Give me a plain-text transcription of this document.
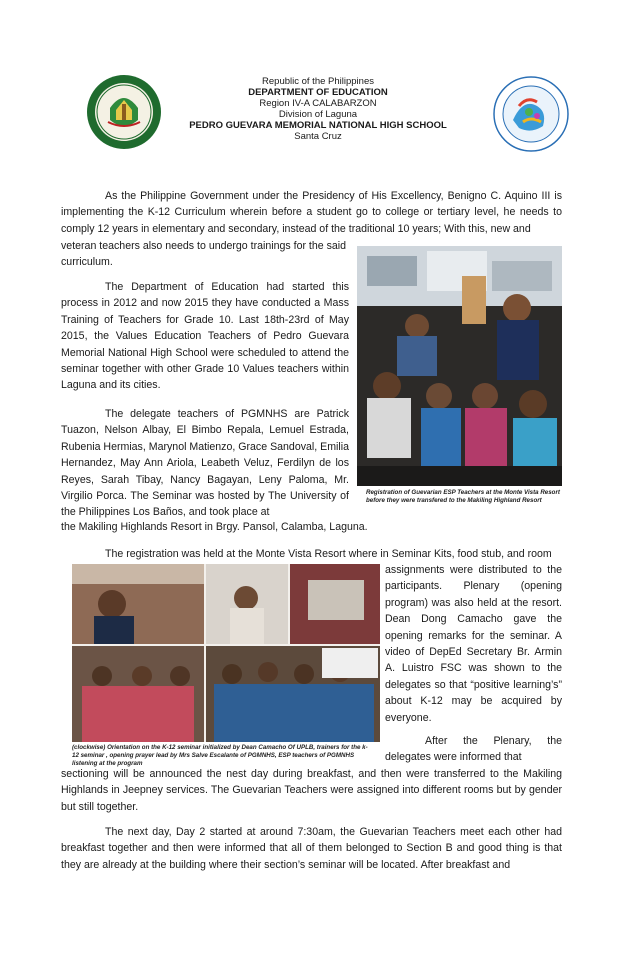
Republic of the Philippines
DEPARTMENT OF EDUCATION
Region IV-A CALABARZON
Division of Laguna
PEDRO GUEVARA MEMORIAL NATIONAL HIGH SCHOOL
Santa Cruz

As the Philippine Government under the Presidency of His Excellency, Benigno C. Aquino III is implementing the K-12 Curriculum wherein before a student go to college or tertiary level, he needs to comply 12 years in elementary and secondary, instead of the traditional 10 years; With this, new and

veteran teachers also needs to undergo trainings for the said curriculum.

The Department of Education had started this process in 2012 and now 2015 they have conducted a Mass Training of Teachers for Grade 10. Last 18th-23rd of May 2015, the Values Education Teachers of Pedro Guevara Memorial National High School were scheduled to attend the seminar together with other Grade 10 Values teachers within Laguna and its cities.

The delegate teachers of PGMNHS are Patrick Tuazon, Nelson Albay, El Bimbo Repala, Lemuel Estrada, Rubenia Hermias, Marynol Matienzo, Grace Sandoval, Emilia Hernandez, May Ann Ariola, Leabeth Veluz, Ferdilyn de los Reyes, Sarah Tibay, Nancy Bagayan, Leny Paloma, Mr. Virgilio Porca. The Seminar was hosted by The University of the Philippines Los Baños, and took place at

the Makiling Highlands Resort in Brgy. Pansol, Calamba, Laguna.

Registration of Guevarian ESP Teachers at the Monte Vista Resort before they were transfered to the Makiling Highland Resort

The registration was held at the Monte Vista Resort where in Seminar Kits, food stub, and room

assignments were distributed to the participants. Plenary (opening program) was also held at the resort. Dean Dong Camacho gave the opening remarks for the seminar. A video of DepEd Secretary Br. Armin A. Luistro FSC was shown to the delegates so that “positive learning’s” about K-12 may be acquired by everyone.

(clockwise) Orientation on the K-12 seminar initialized by Dean Camacho Of UPLB, trainers for the k-12 seminar , opening prayer lead by Mrs Salve Escalante of PGMNHS, ESP teachers of PGMNHS listening at the program

After the Plenary, the delegates were informed that

sectioning will be announced the nest day during breakfast, and then were transferred to the Makiling Highlands in Jeepney services. The Guevarian Teachers were assigned into different rooms but by gender but still together.

The next day, Day 2 started at around 7:30am, the Guevarian Teachers meet each other had breakfast together and then were informed that all of them belonged to Section B and good thing is that they are already at the building where their section’s seminar will be located. After breakfast and
